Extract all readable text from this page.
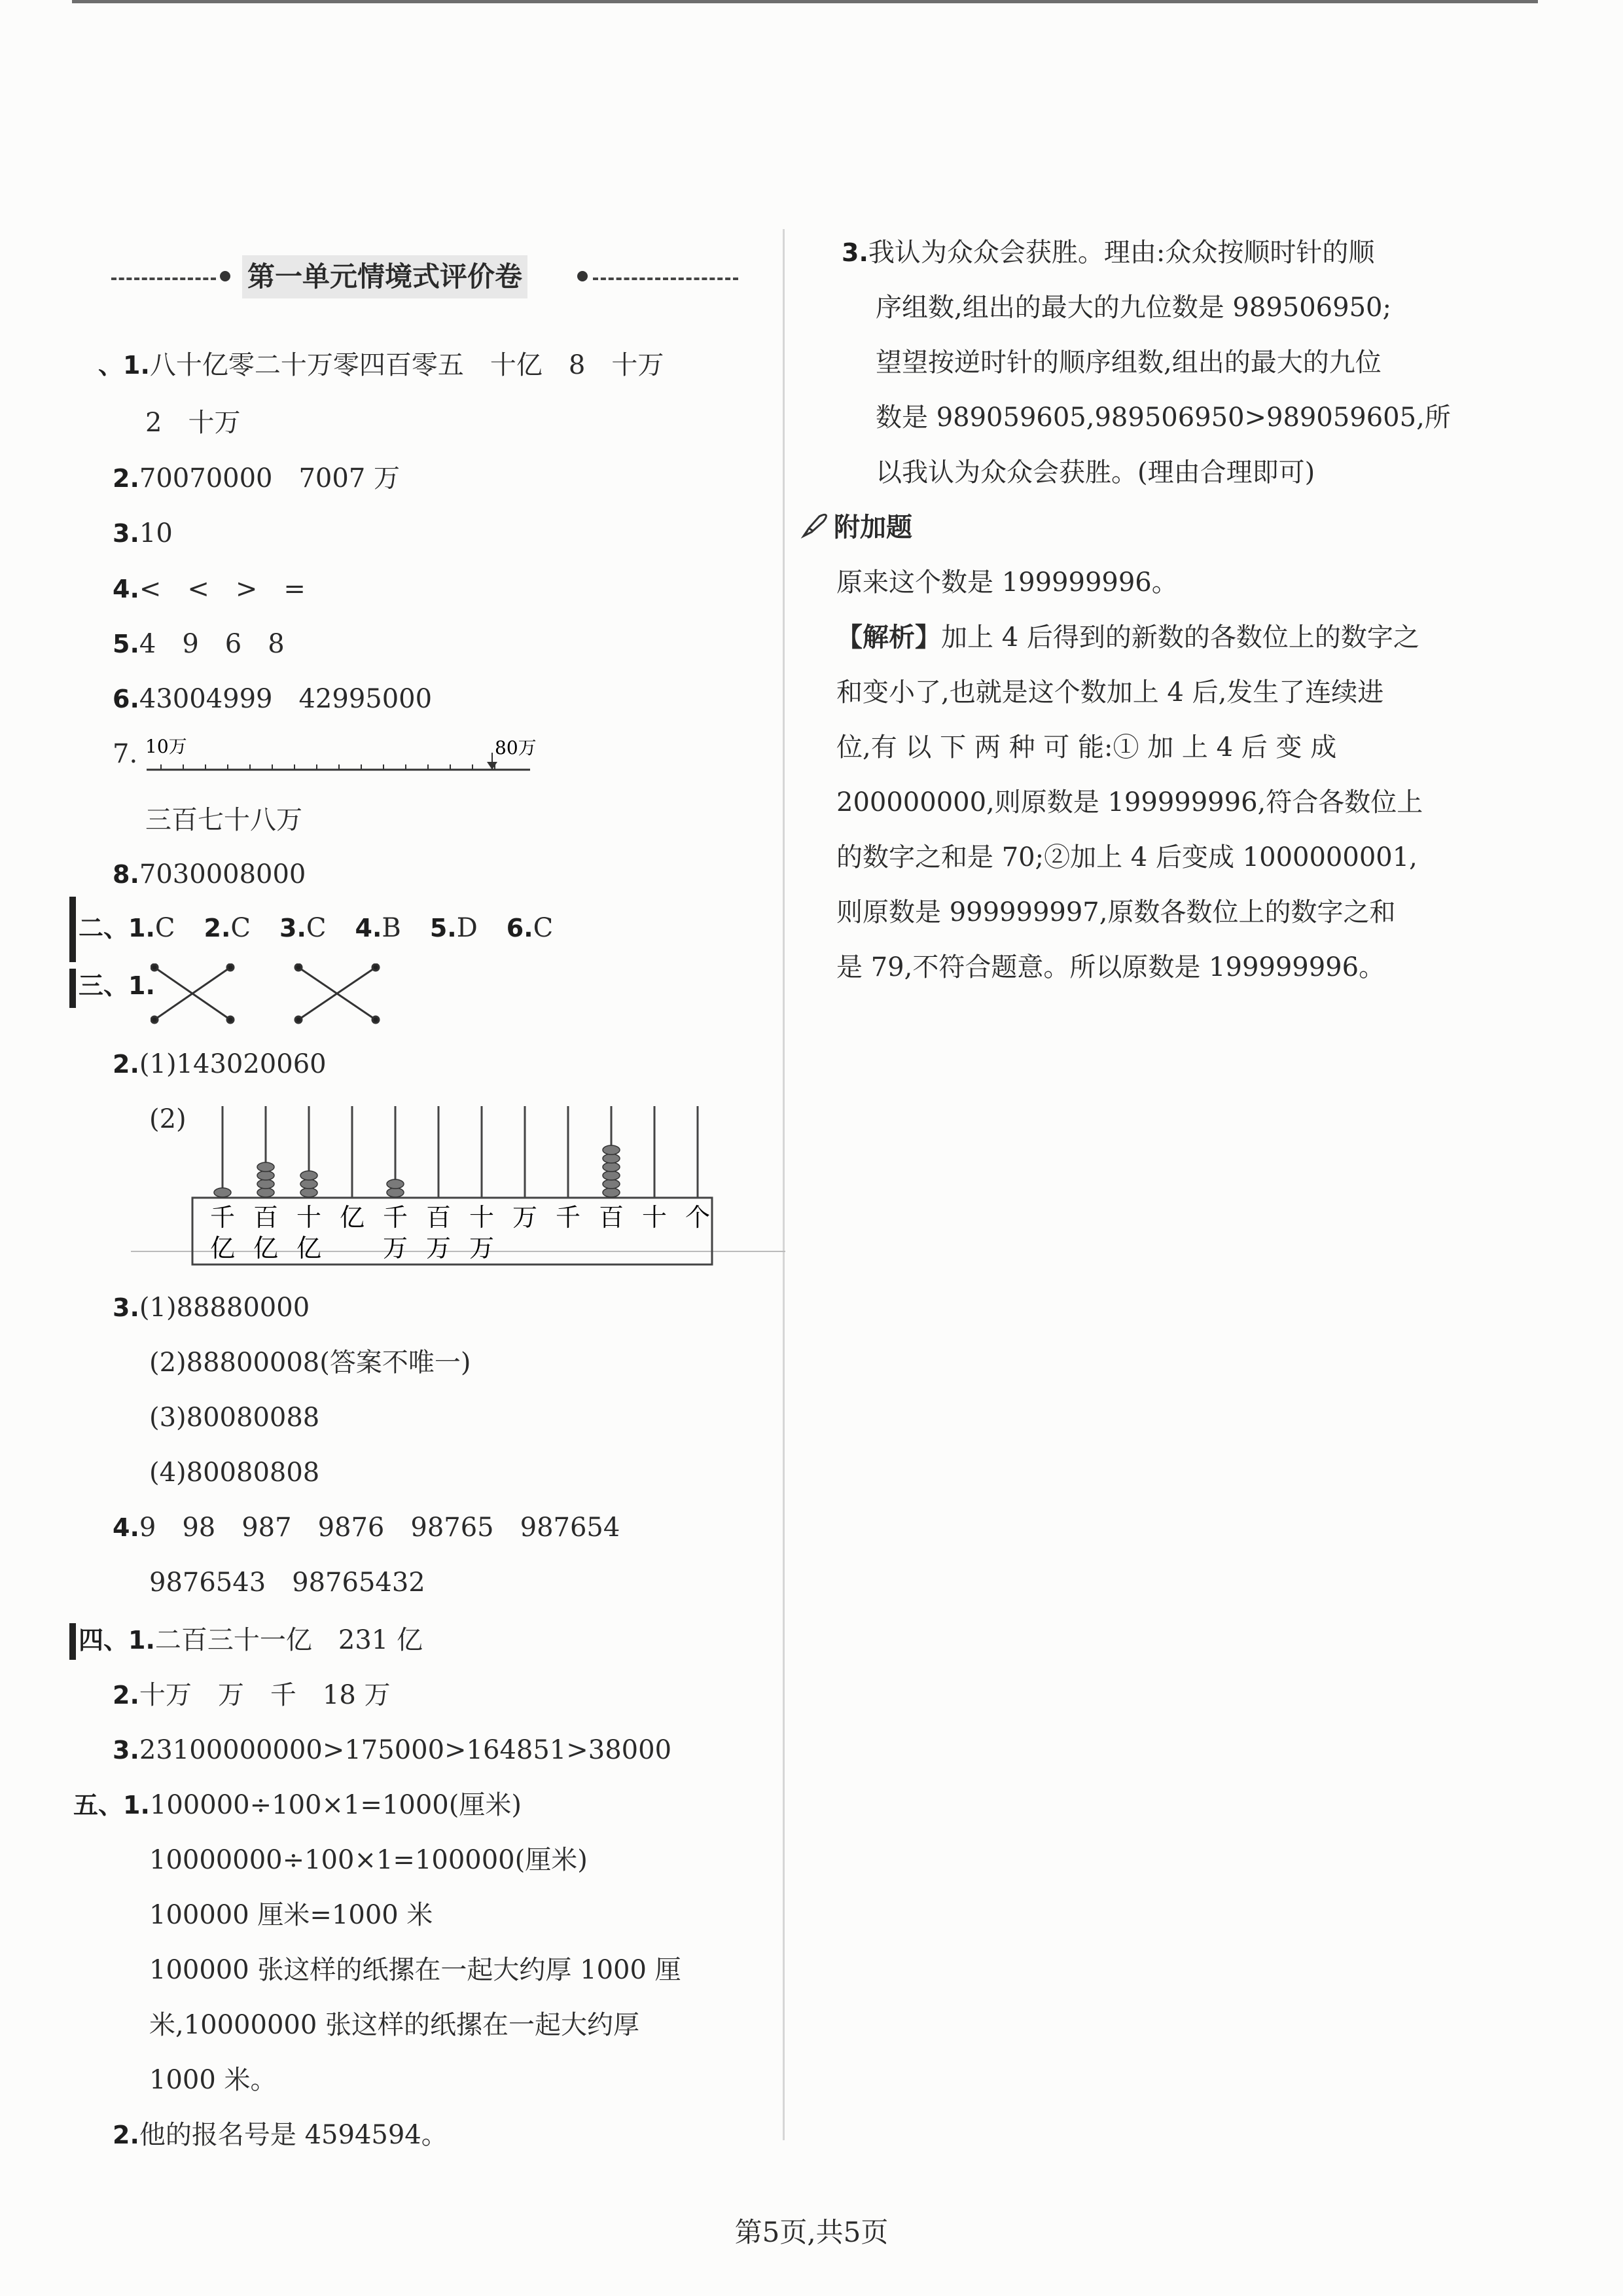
第一单元情境式评价卷
、1.八十亿零二十万零四百零五　十亿　8　十万
2　十万
2.70070000　7007 万
3.10
4.<　<　>　=
5.4　9　6　8
6.43004999　42995000
7. 10万	80万
三百七十八万
8.7030008000
二、1.C 2.C 3.C 4.B 5.D 6.C
三、1.
2.(1)143020060
(2)
千
亿
百
亿
十
亿
亿 千
万
百
万
十
万
万 千 百 十 个
3.(1)88880000
(2)88800008(答案不唯一)
(3)80080088
(4)80080808
4.9　98　987　9876　98765　987654
9876543　98765432
四、1.二百三十一亿　231 亿
2.十万　万　千　18 万
3.23100000000>175000>164851>38000
五、1.100000÷100×1=1000(厘米)
10000000÷100×1=100000(厘米)
100000 厘米=1000 米
100000 张这样的纸摞在一起大约厚 1000 厘
米,10000000 张这样的纸摞在一起大约厚
1000 米。
2.他的报名号是 4594594。
3.我认为众众会获胜。理由:众众按顺时针的顺
序组数,组出的最大的九位数是 989506950;
望望按逆时针的顺序组数,组出的最大的九位
数是 989059605,989506950>989059605,所
以我认为众众会获胜。(理由合理即可)
附加题
原来这个数是 199999996。
【解析】加上 4 后得到的新数的各数位上的数字之
和变小了,也就是这个数加上 4 后,发生了连续进
位,有 以 下 两 种 可 能:① 加 上 4 后 变 成
200000000,则原数是 199999996,符合各数位上
的数字之和是 70;②加上 4 后变成 1000000001,
则原数是 999999997,原数各数位上的数字之和
是 79,不符合题意。所以原数是 199999996。
第5页,共5页
